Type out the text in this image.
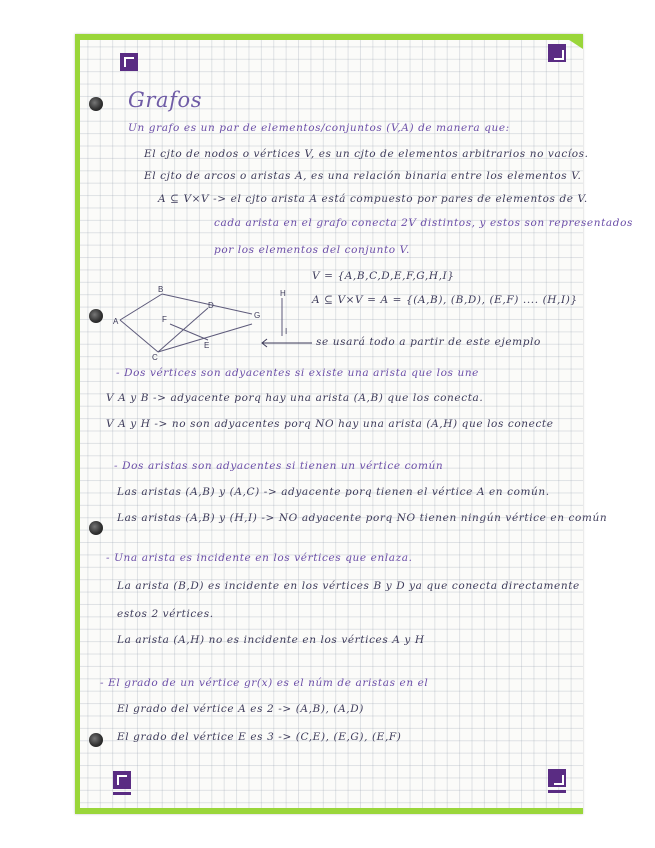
Grafos
Un grafo es un par de elementos/conjuntos (V,A) de manera que:
El cjto de nodos o vértices V, es un cjto de elementos arbitrarios no vacíos.
El cjto de arcos o aristas A, es una relación binaria entre los elementos V.
A ⊆ V×V -> el cjto arista A está compuesto por pares de elementos de V.
cada arista en el grafo conecta 2V distintos, y estos son representados
por los elementos del conjunto V.
V = {A,B,C,D,E,F,G,H,I}
A ⊆ V×V = A = {(A,B), (B,D), (E,F) .... (H,I)}
B
A
D
F	G
H
I
E
C
se usará todo a partir de este ejemplo
- Dos vértices son adyacentes si existe una arista que los une
V A y B -> adyacente porq hay una arista (A,B) que los conecta.
V A y H -> no son adyacentes porq NO hay una arista (A,H) que los conecte
- Dos aristas son adyacentes si tienen un vértice común
Las aristas (A,B) y (A,C) -> adyacente porq tienen el vértice A en común.
Las aristas (A,B) y (H,I) -> NO adyacente porq NO tienen ningún vértice en común
- Una arista es incidente en los vértices que enlaza.
La arista (B,D) es incidente en los vértices B y D ya que conecta directamente
estos 2 vértices.
La arista (A,H) no es incidente en los vértices A y H
- El grado de un vértice gr(x) es el núm de aristas en el
El grado del vértice A es 2 -> (A,B), (A,D)
El grado del vértice E es 3 -> (C,E), (E,G), (E,F)
